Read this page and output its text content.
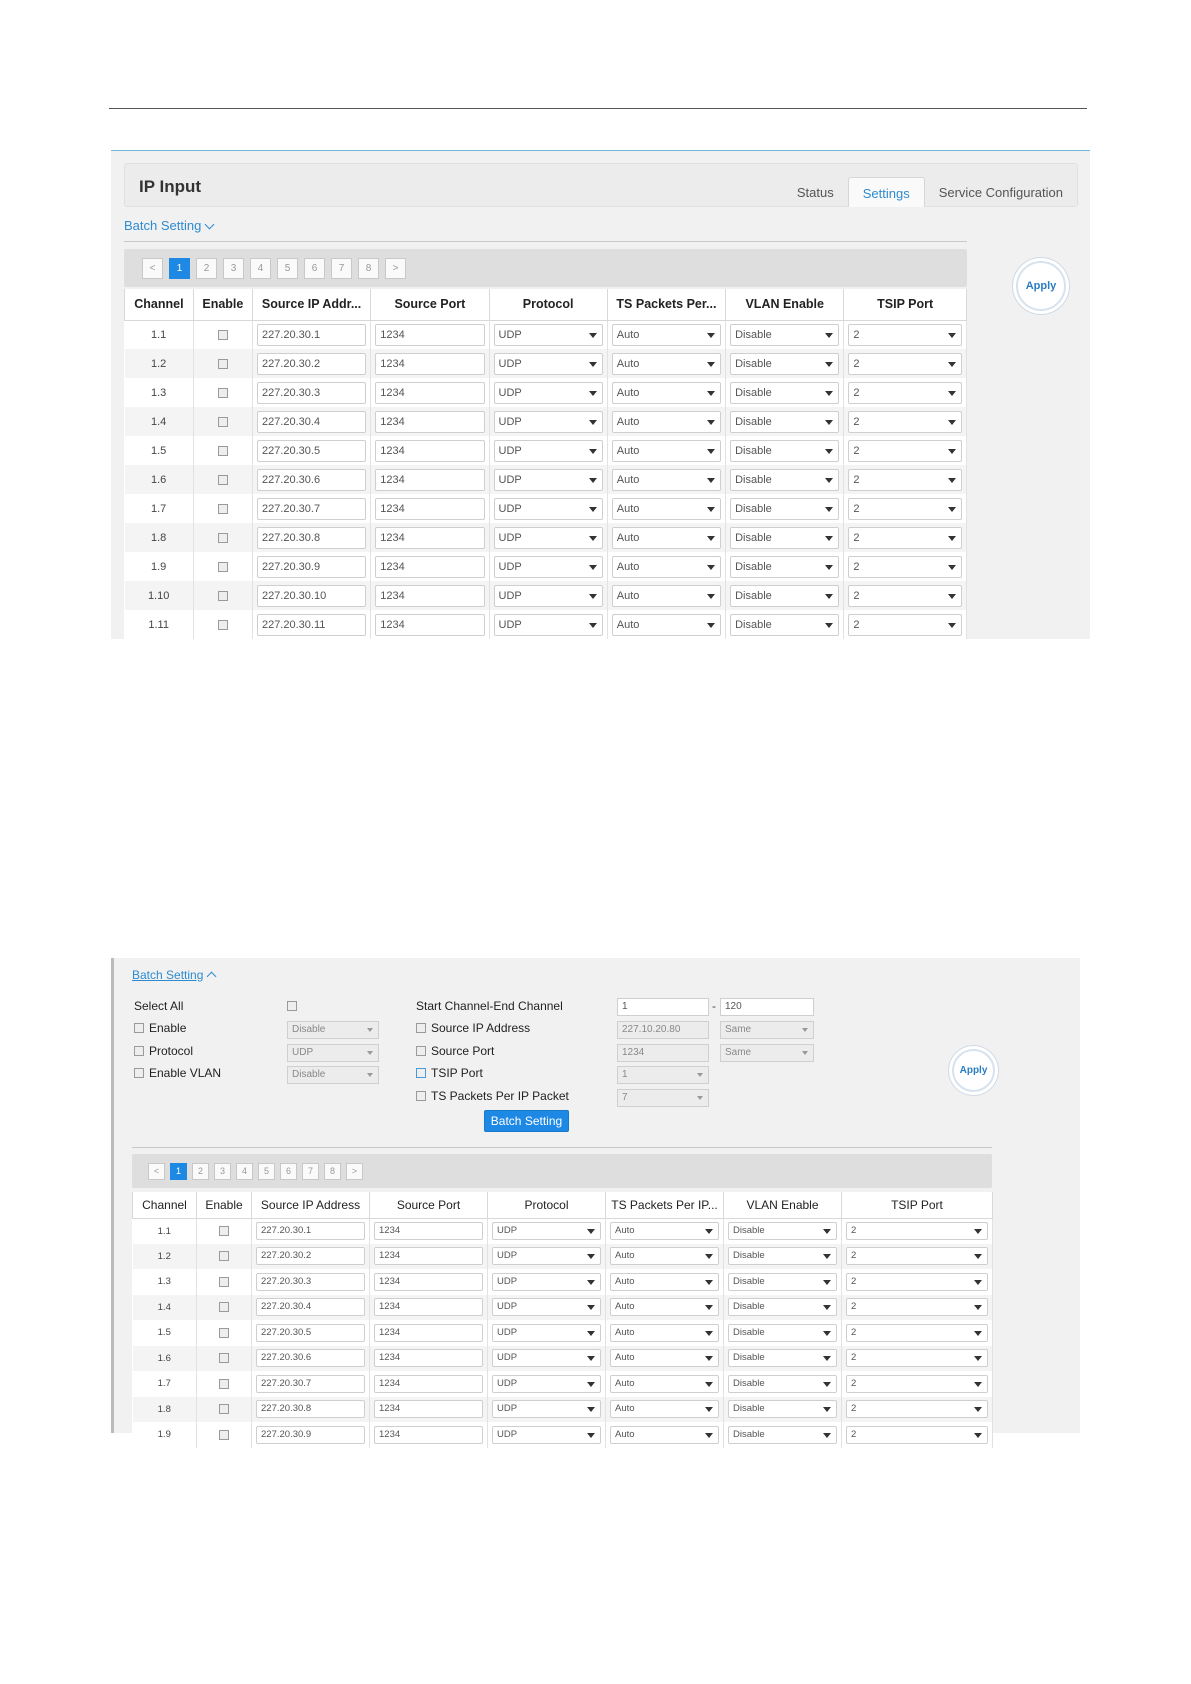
IP Input	Status	Settings	Service Configuration
Batch Setting
<	1	2	3	4	5	6	7	8	>
Channel	Enable	Source IP Addr...	Source Port	Protocol	TS Packets Per...	VLAN Enable	TSIP Port
1.1		227.20.30.1	1234	UDP	Auto	Disable	2

1.2		227.20.30.2	1234	UDP	Auto	Disable	2

1.3		227.20.30.3	1234	UDP	Auto	Disable	2

1.4		227.20.30.4	1234	UDP	Auto	Disable	2

1.5		227.20.30.5	1234	UDP	Auto	Disable	2

1.6		227.20.30.6	1234	UDP	Auto	Disable	2

1.7		227.20.30.7	1234	UDP	Auto	Disable	2

1.8		227.20.30.8	1234	UDP	Auto	Disable	2

1.9		227.20.30.9	1234	UDP	Auto	Disable	2

1.10		227.20.30.10	1234	UDP	Auto	Disable	2

1.11		227.20.30.11	1234	UDP	Auto	Disable	2
Apply
Batch Setting
Select All
Enable	Disable
Protocol	UDP
Enable VLAN	Disable
Start Channel-End Channel	1	- 120
Source IP Address	227.10.20.80	Same
Source Port	1234	Same
TSIP Port	1
TS Packets Per IP Packet	7
Batch Setting
Apply
<	1	2	3	4	5	6	7	8	>
Channel	Enable	Source IP Address	Source Port	Protocol	TS Packets Per IP...	VLAN Enable	TSIP Port
1.1		227.20.30.1	1234	UDP	Auto	Disable	2

1.2		227.20.30.2	1234	UDP	Auto	Disable	2

1.3		227.20.30.3	1234	UDP	Auto	Disable	2

1.4		227.20.30.4	1234	UDP	Auto	Disable	2

1.5		227.20.30.5	1234	UDP	Auto	Disable	2

1.6		227.20.30.6	1234	UDP	Auto	Disable	2

1.7		227.20.30.7	1234	UDP	Auto	Disable	2

1.8		227.20.30.8	1234	UDP	Auto	Disable	2

1.9		227.20.30.9	1234	UDP	Auto	Disable	2
